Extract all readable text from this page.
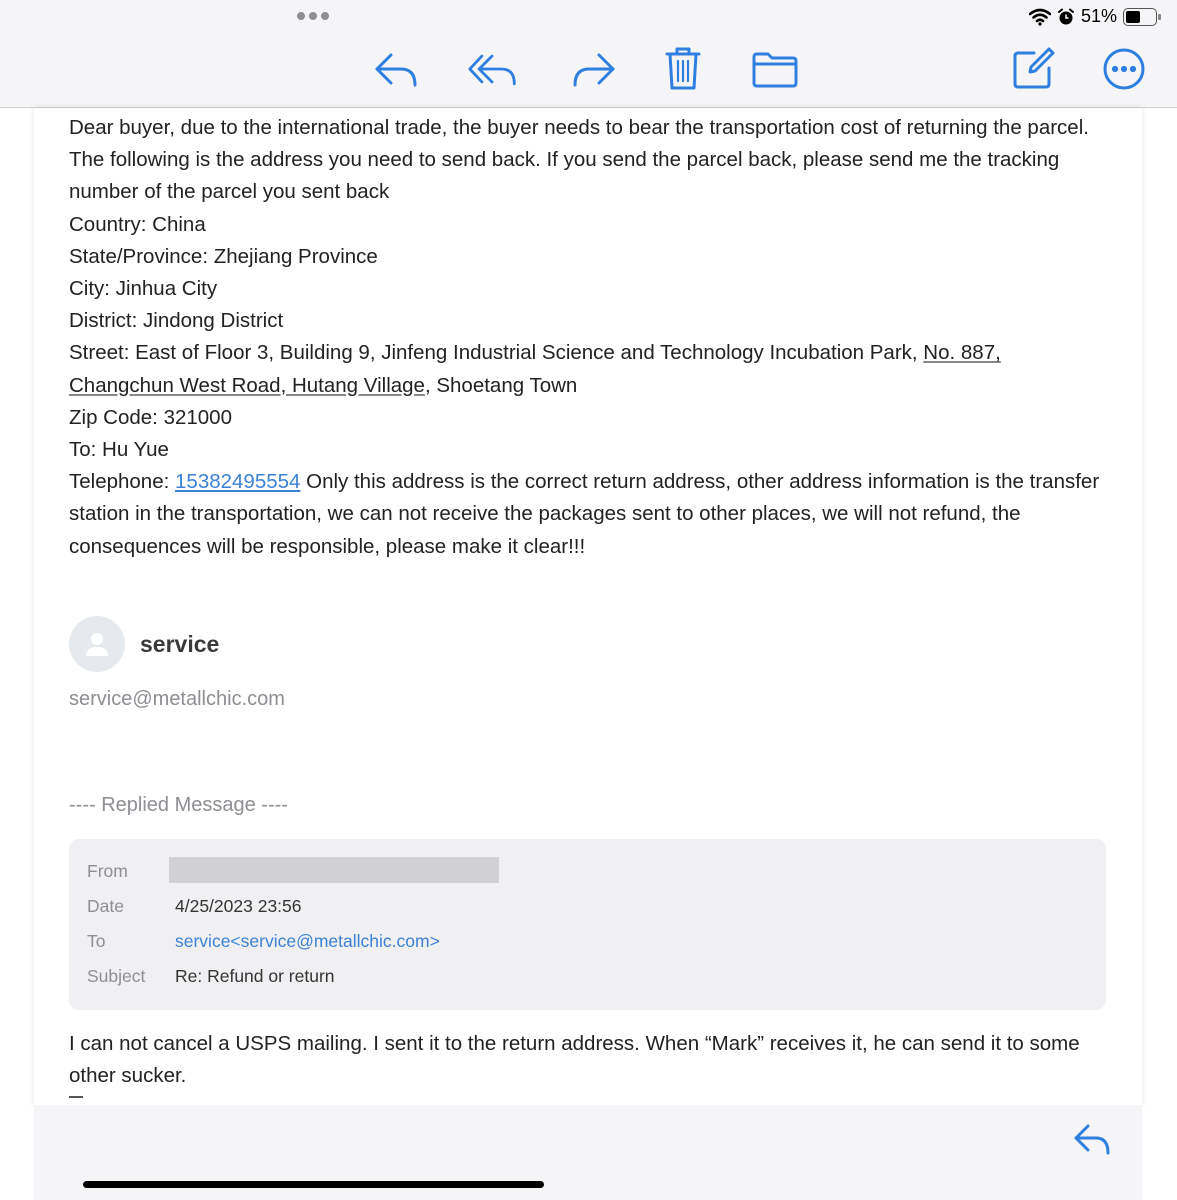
51%

Dear buyer, due to the international trade, the buyer needs to bear the transportation cost of returning the parcel. The following is the address you need to send back. If you send the parcel back, please send me the tracking number of the parcel you sent back

Country: China

State/Province: Zhejiang Province

City: Jinhua City

District: Jindong District

Street: East of Floor 3, Building 9, Jinfeng Industrial Science and Technology Incubation Park, No. 887, Changchun West Road, Hutang Village, Shoetang Town

Zip Code: 321000

To: Hu Yue

Telephone: 15382495554 Only this address is the correct return address, other address information is the transfer station in the transportation, we can not receive the packages sent to other places, we will not refund, the consequences will be responsible, please make it clear!!!

service
service@metallchic.com
---- Replied Message ----
From
Date	4/25/2023 23:56
To	service<service@metallchic.com>
Subject	Re: Refund or return
I can not cancel a USPS mailing. I sent it to the return address. When “Mark” receives it, he can send it to some other sucker.
